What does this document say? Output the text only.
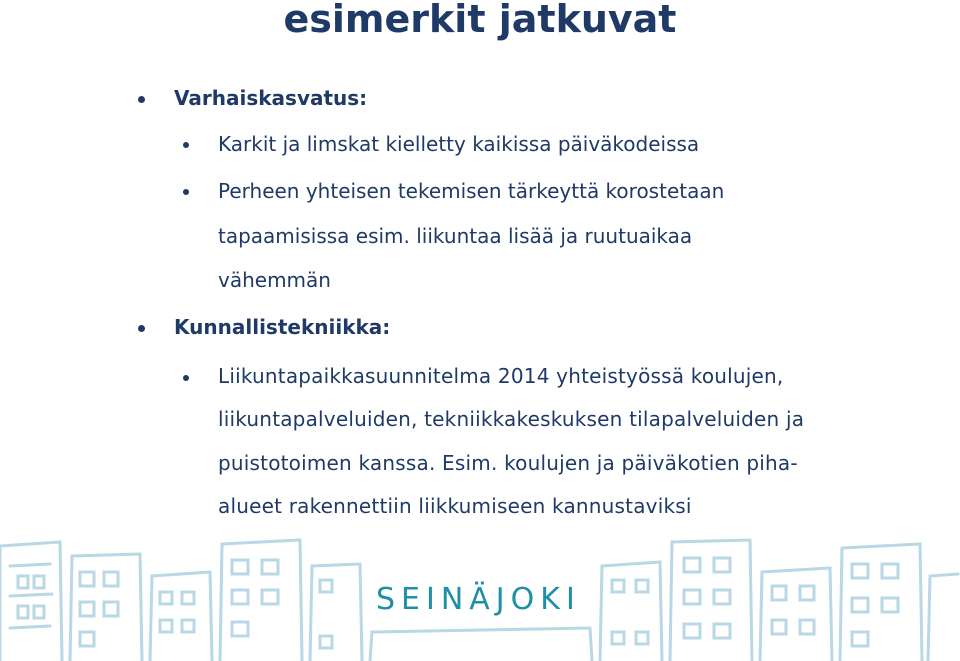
esimerkit jatkuvat

Varhaiskasvatus:

Karkit ja limskat kielletty kaikissa päiväkodeissa

Perheen yhteisen tekemisen tärkeyttä korostetaan

tapaamisissa esim. liikuntaa lisää ja ruutuaikaa

vähemmän

Kunnallistekniikka:

Liikuntapaikkasuunnitelma 2014 yhteistyössä koulujen,

liikuntapalveluiden, tekniikkakeskuksen tilapalveluiden ja

puistotoimen kanssa. Esim. koulujen ja päiväkotien piha-

alueet rakennettiin liikkumiseen kannustaviksi

SEINÄJOKI
